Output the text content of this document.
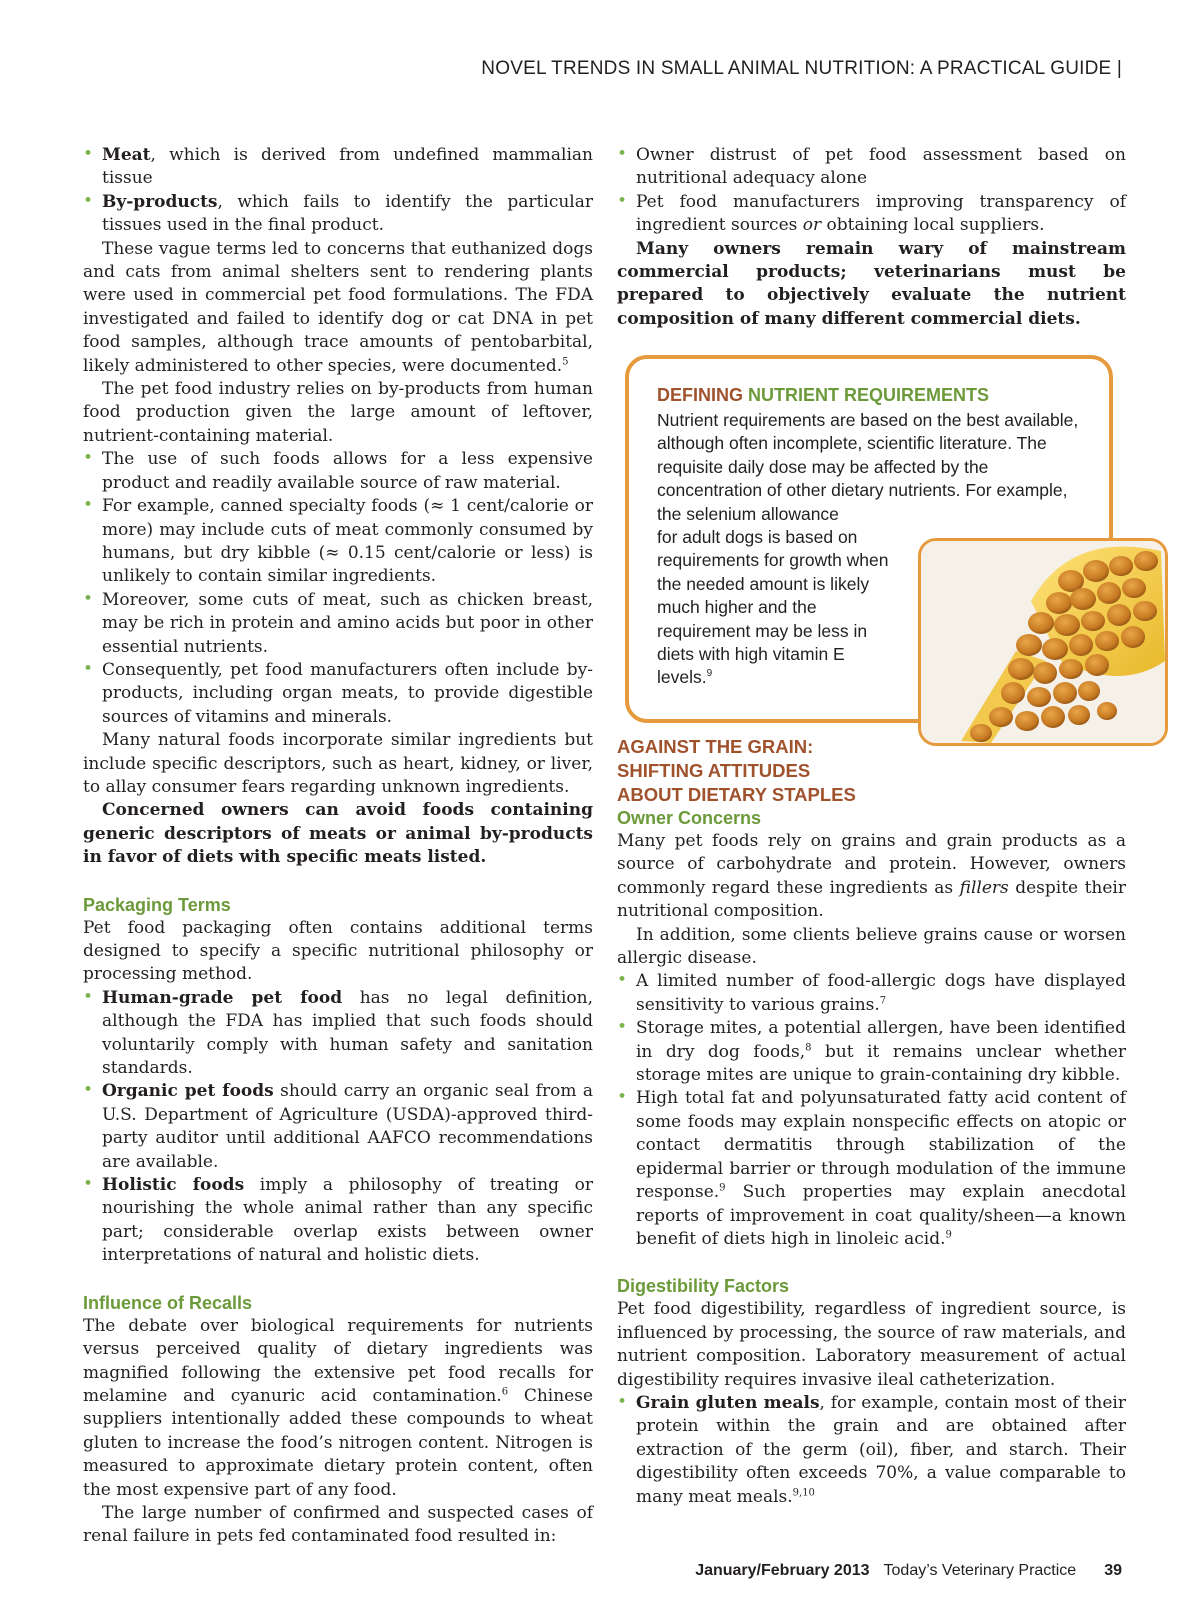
NOVEL TRENDS IN SMALL ANIMAL NUTRITION: A PRACTICAL GUIDE |
• Meat, which is derived from undefined mammalian tissue
• By-products, which fails to identify the particular tissues used in the final product.

These vague terms led to concerns that euthanized dogs and cats from animal shelters sent to rendering plants were used in commercial pet food formulations. The FDA investigated and failed to identify dog or cat DNA in pet food samples, although trace amounts of pentobarbital, likely administered to other species, were documented.$^5$

The pet food industry relies on by-products from human food production given the large amount of leftover, nutrient-containing material.

• The use of such foods allows for a less expensive product and readily available source of raw material.
• For example, canned specialty foods (≈ 1 cent/calorie or more) may include cuts of meat commonly consumed by humans, but dry kibble (≈ 0.15 cent/calorie or less) is unlikely to contain similar ingredients.
• Moreover, some cuts of meat, such as chicken breast, may be rich in protein and amino acids but poor in other essential nutrients.
• Consequently, pet food manufacturers often include by-products, including organ meats, to provide digestible sources of vitamins and minerals.

Many natural foods incorporate similar ingredients but include specific descriptors, such as heart, kidney, or liver, to allay consumer fears regarding unknown ingredients.

Concerned owners can avoid foods containing generic descriptors of meats or animal by-products in favor of diets with specific meats listed.

Packaging Terms

Pet food packaging often contains additional terms designed to specify a specific nutritional philosophy or processing method.

• Human-grade pet food has no legal definition, although the FDA has implied that such foods should voluntarily comply with human safety and sanitation standards.
• Organic pet foods should carry an organic seal from a U.S. Department of Agriculture (USDA)-approved third-party auditor until additional AAFCO recommendations are available.
• Holistic foods imply a philosophy of treating or nourishing the whole animal rather than any specific part; considerable overlap exists between owner interpretations of natural and holistic diets.
Influence of Recalls

The debate over biological requirements for nutrients versus perceived quality of dietary ingredients was magnified following the extensive pet food recalls for melamine and cyanuric acid contamination.$^6$ Chinese suppliers intentionally added these compounds to wheat gluten to increase the food’s nitrogen content. Nitrogen is measured to approximate dietary protein content, often the most expensive part of any food.

The large number of confirmed and suspected cases of renal failure in pets fed contaminated food resulted in:

• Owner distrust of pet food assessment based on nutritional adequacy alone
• Pet food manufacturers improving transparency of ingredient sources or obtaining local suppliers.

Many owners remain wary of mainstream commercial products; veterinarians must be prepared to objectively evaluate the nutrient composition of many different commercial diets.

DEFINING NUTRIENT REQUIREMENTS
Nutrient requirements are based on the best available, although often incomplete, scientific literature. The requisite daily dose may be affected by the concentration of other dietary nutrients. For example, the selenium allowance
for adult dogs is based on requirements for growth when the needed amount is likely much higher and the requirement may be less in diets with high vitamin E levels.$^9$
AGAINST THE GRAIN:
SHIFTING ATTITUDES
ABOUT DIETARY STAPLES
Owner Concerns

Many pet foods rely on grains and grain products as a source of carbohydrate and protein. However, owners commonly regard these ingredients as fillers despite their nutritional composition.

In addition, some clients believe grains cause or worsen allergic disease.

• A limited number of food-allergic dogs have displayed sensitivity to various grains.$^7$
• Storage mites, a potential allergen, have been identified in dry dog foods,$^8$ but it remains unclear whether storage mites are unique to grain-containing dry kibble.
• High total fat and polyunsaturated fatty acid content of some foods may explain nonspecific effects on atopic or contact dermatitis through stabilization of the epidermal barrier or through modulation of the immune response.$^9$ Such properties may explain anecdotal reports of improvement in coat quality/sheen—a known benefit of diets high in linoleic acid.$^9$
Digestibility Factors

Pet food digestibility, regardless of ingredient source, is influenced by processing, the source of raw materials, and nutrient composition. Laboratory measurement of actual digestibility requires invasive ileal catheterization.

• Grain gluten meals, for example, contain most of their protein within the grain and are obtained after extraction of the germ (oil), fiber, and starch. Their digestibility often exceeds 70%, a value comparable to many meat meals.$^{9,10}$
January/February 2013 Today’s Veterinary Practice 39
